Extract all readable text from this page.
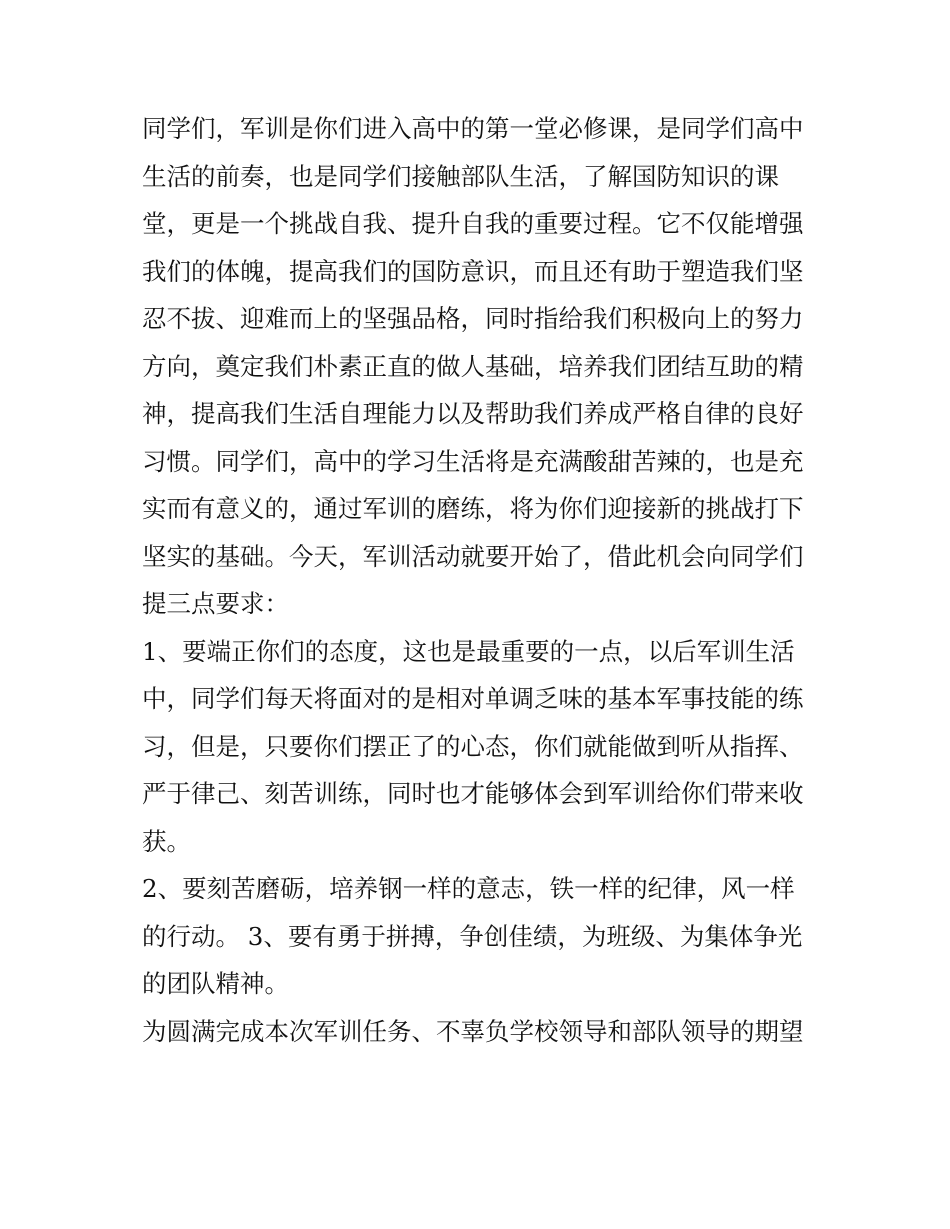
同学们，军训是你们进入高中的第一堂必修课，是同学们高中
生活的前奏，也是同学们接触部队生活，了解国防知识的课
堂，更是一个挑战自我、提升自我的重要过程。它不仅能增强
我们的体魄，提高我们的国防意识，而且还有助于塑造我们坚
忍不拔、迎难而上的坚强品格，同时指给我们积极向上的努力
方向，奠定我们朴素正直的做人基础，培养我们团结互助的精
神，提高我们生活自理能力以及帮助我们养成严格自律的良好
习惯。同学们，高中的学习生活将是充满酸甜苦辣的，也是充
实而有意义的，通过军训的磨练，将为你们迎接新的挑战打下
坚实的基础。今天，军训活动就要开始了，借此机会向同学们
提三点要求：
1、要端正你们的态度，这也是最重要的一点，以后军训生活
中，同学们每天将面对的是相对单调乏味的基本军事技能的练
习，但是，只要你们摆正了的心态，你们就能做到听从指挥、
严于律己、刻苦训练，同时也才能够体会到军训给你们带来收
获。
2、要刻苦磨砺，培养钢一样的意志，铁一样的纪律，风一样
的行动。 3、要有勇于拼搏，争创佳绩，为班级、为集体争光
的团队精神。
为圆满完成本次军训任务、不辜负学校领导和部队领导的期望
